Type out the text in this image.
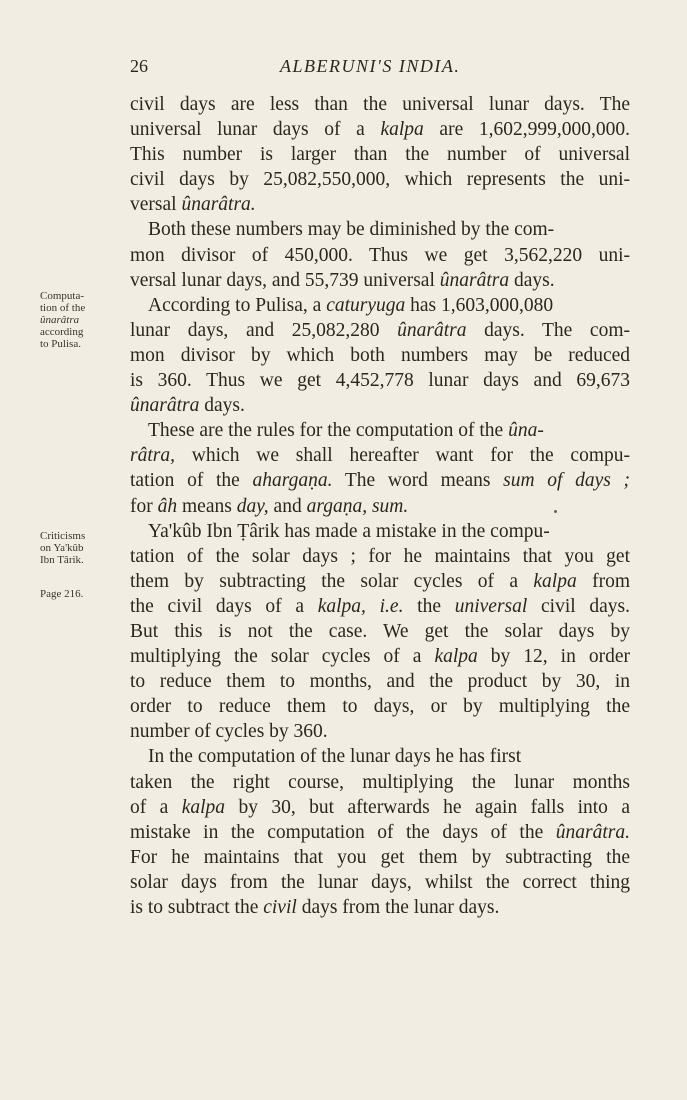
26	ALBERUNI'S INDIA.
Computa-
tion of the
ûnarâtra
according
to Pulisa.
Criticisms
on Ya'kûb
Ibn Târik.
Page 216.
civil days are less than the universal lunar days. The
universal lunar days of a kalpa are 1,602,999,000,000.
This number is larger than the number of universal
civil days by 25,082,550,000, which represents the uni-
versal ûnarâtra.
Both these numbers may be diminished by the com-
mon divisor of 450,000. Thus we get 3,562,220 uni-
versal lunar days, and 55,739 universal ûnarâtra days.
According to Pulisa, a caturyuga has 1,603,000,080
lunar days, and 25,082,280 ûnarâtra days. The com-
mon divisor by which both numbers may be reduced
is 360. Thus we get 4,452,778 lunar days and 69,673
ûnarâtra days.
These are the rules for the computation of the ûna-
râtra, which we shall hereafter want for the compu-
tation of the ahargaṇa. The word means sum of days ;
for âh means day, and argaṇa, sum.
Ya'kûb Ibn Ṭârik has made a mistake in the compu-
tation of the solar days ; for he maintains that you get
them by subtracting the solar cycles of a kalpa from
the civil days of a kalpa, i.e. the universal civil days.
But this is not the case. We get the solar days by
multiplying the solar cycles of a kalpa by 12, in order
to reduce them to months, and the product by 30, in
order to reduce them to days, or by multiplying the
number of cycles by 360.
In the computation of the lunar days he has first
taken the right course, multiplying the lunar months
of a kalpa by 30, but afterwards he again falls into a
mistake in the computation of the days of the ûnarâtra.
For he maintains that you get them by subtracting the
solar days from the lunar days, whilst the correct thing
is to subtract the civil days from the lunar days.
